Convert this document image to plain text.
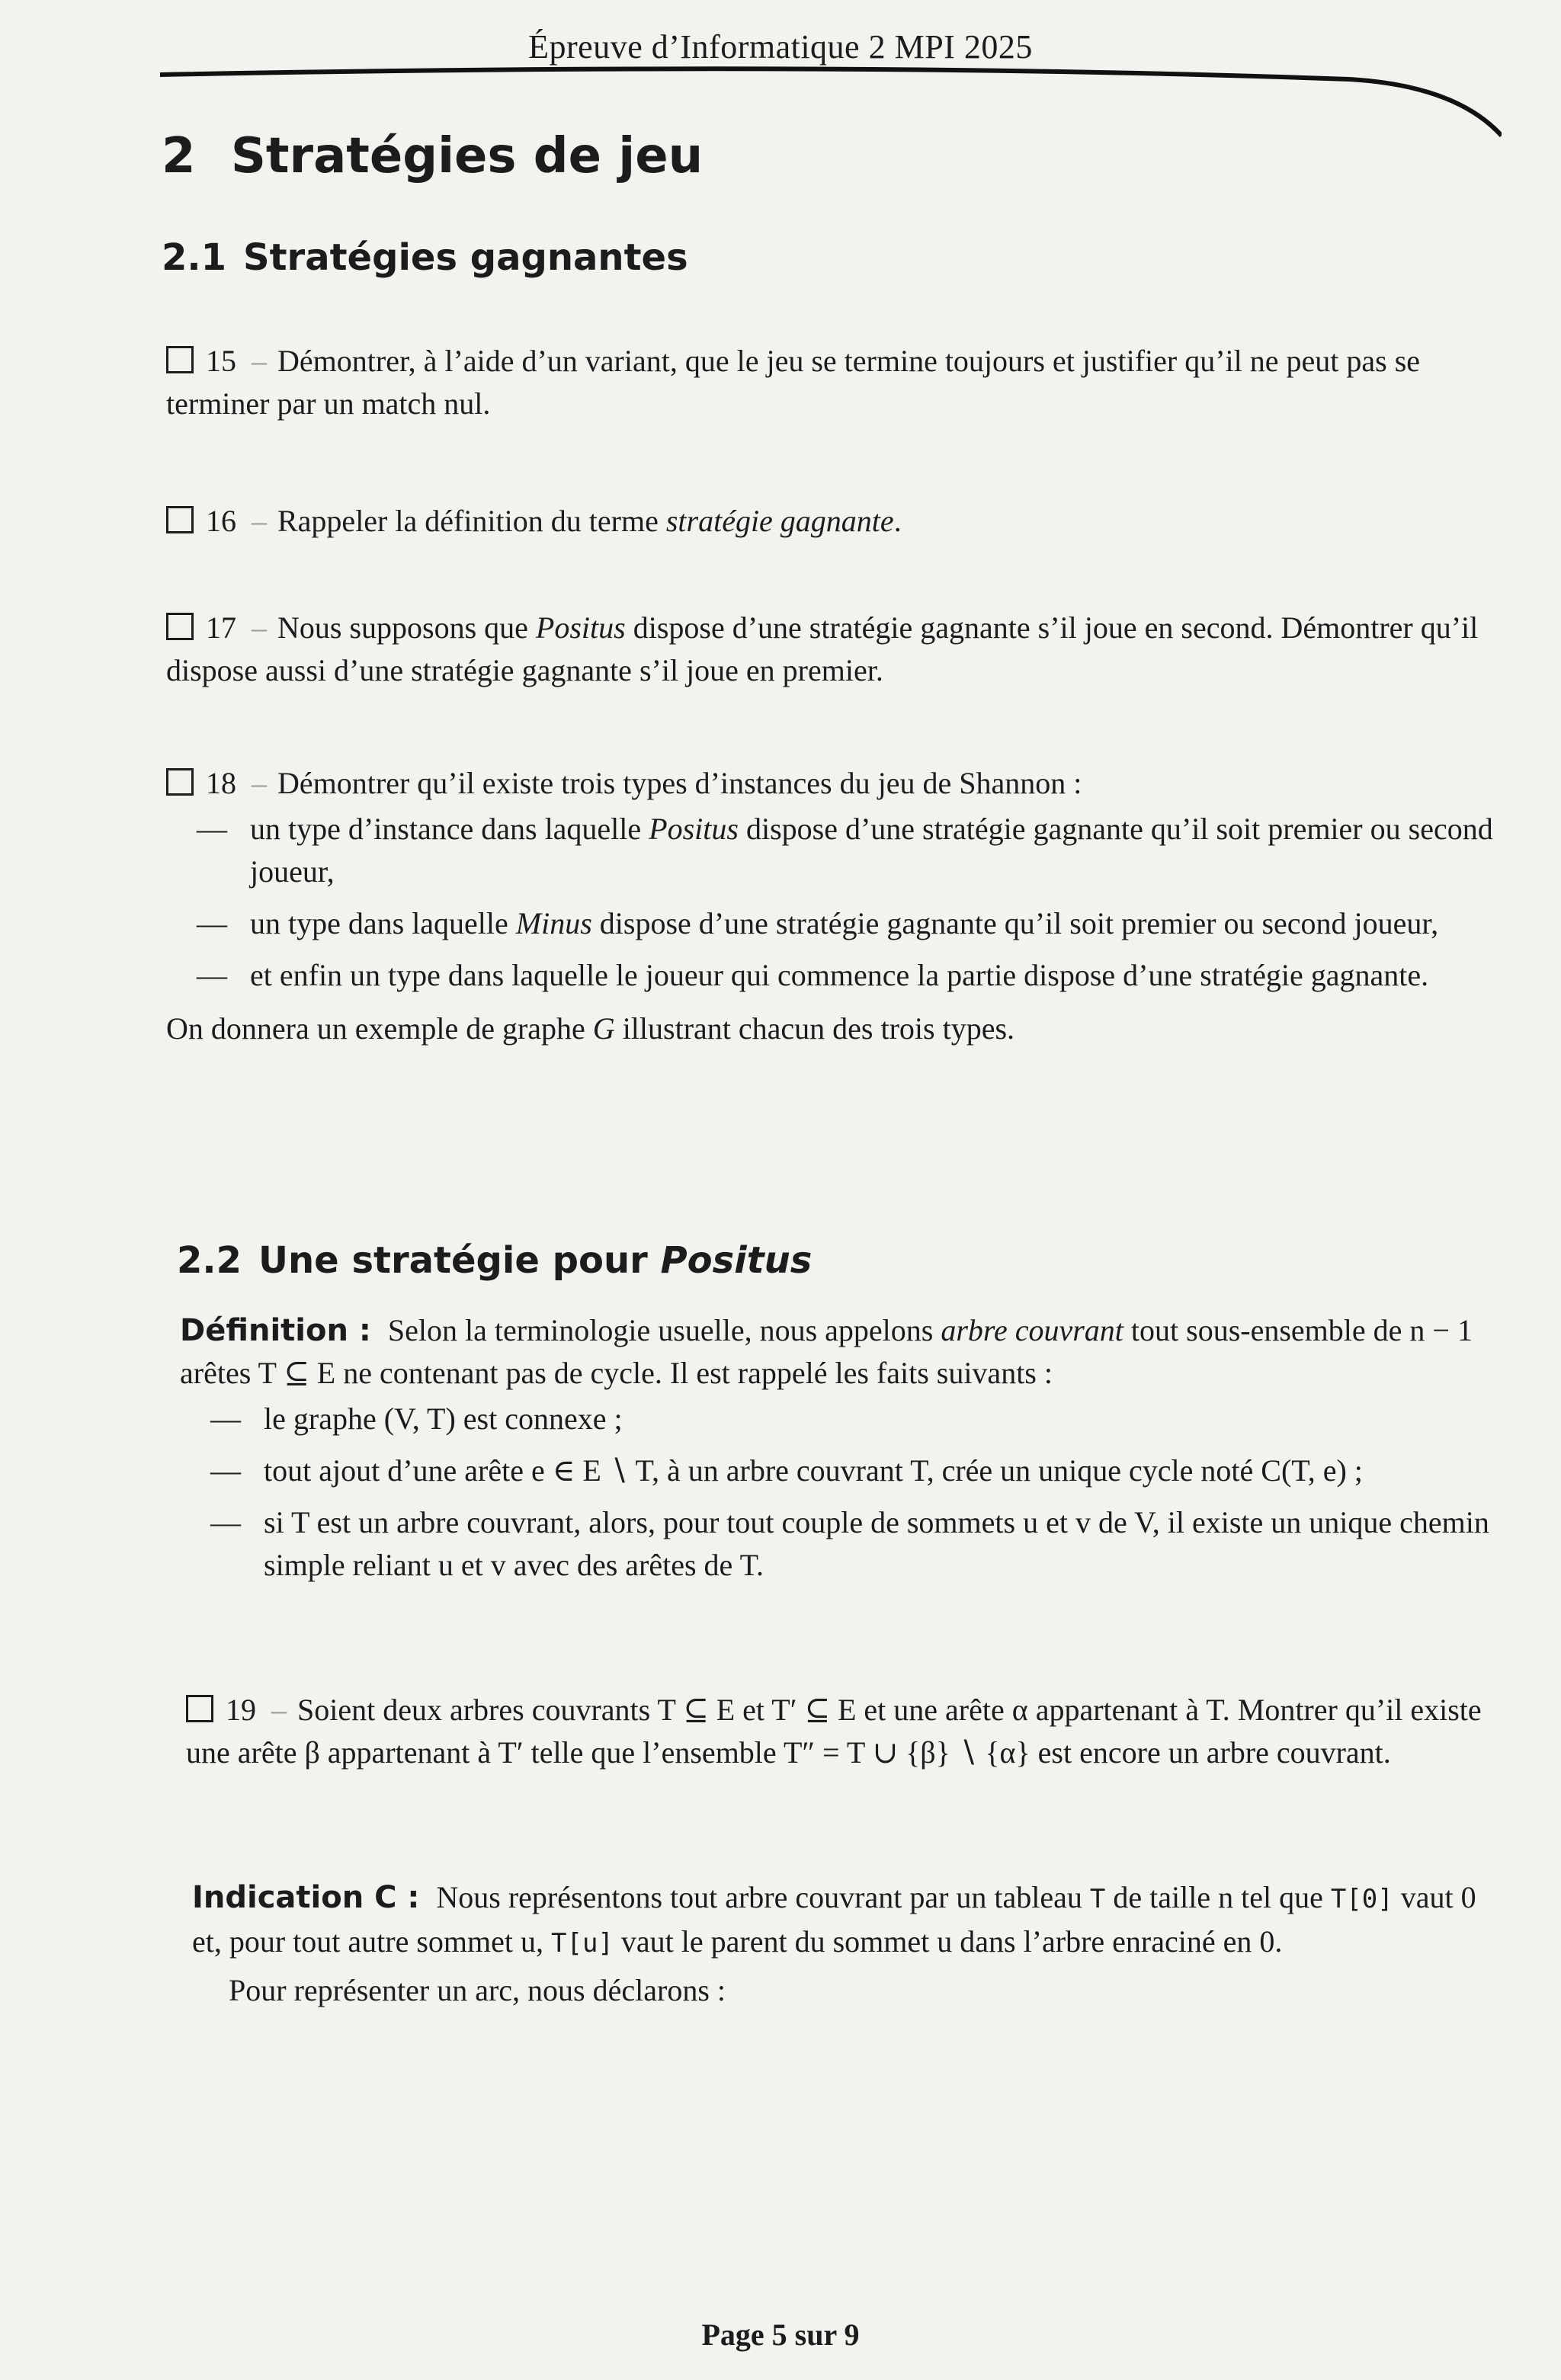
Épreuve d’Informatique 2 MPI 2025
2 Stratégies de jeu
2.1 Stratégies gagnantes

15 – Démontrer, à l’aide d’un variant, que le jeu se termine toujours et justifier qu’il ne peut pas se terminer par un match nul.

16 – Rappeler la définition du terme stratégie gagnante.

17 – Nous supposons que Positus dispose d’une stratégie gagnante s’il joue en second. Démontrer qu’il dispose aussi d’une stratégie gagnante s’il joue en premier.

18 – Démontrer qu’il existe trois types d’instances du jeu de Shannon :

— un type d’instance dans laquelle Positus dispose d’une stratégie gagnante qu’il soit premier ou second joueur,
— un type dans laquelle Minus dispose d’une stratégie gagnante qu’il soit premier ou second joueur,
— et enfin un type dans laquelle le joueur qui commence la partie dispose d’une stratégie gagnante.

On donnera un exemple de graphe G illustrant chacun des trois types.

2.2 Une stratégie pour Positus

Définition : Selon la terminologie usuelle, nous appelons arbre couvrant tout sous-ensemble de n − 1 arêtes T ⊆ E ne contenant pas de cycle. Il est rappelé les faits suivants :

— le graphe (V, T) est connexe ;
— tout ajout d’une arête e ∈ E ∖ T, à un arbre couvrant T, crée un unique cycle noté C(T, e) ;
— si T est un arbre couvrant, alors, pour tout couple de sommets u et v de V, il existe un unique chemin simple reliant u et v avec des arêtes de T.

19 – Soient deux arbres couvrants T ⊆ E et T′ ⊆ E et une arête α appartenant à T. Montrer qu’il existe une arête β appartenant à T′ telle que l’ensemble T″ = T ∪ {β} ∖ {α} est encore un arbre couvrant.

Indication C : Nous représentons tout arbre couvrant par un tableau T de taille n tel que T[0] vaut 0 et, pour tout autre sommet u, T[u] vaut le parent du sommet u dans l’arbre enraciné en 0.

Pour représenter un arc, nous déclarons :

Page 5 sur 9
